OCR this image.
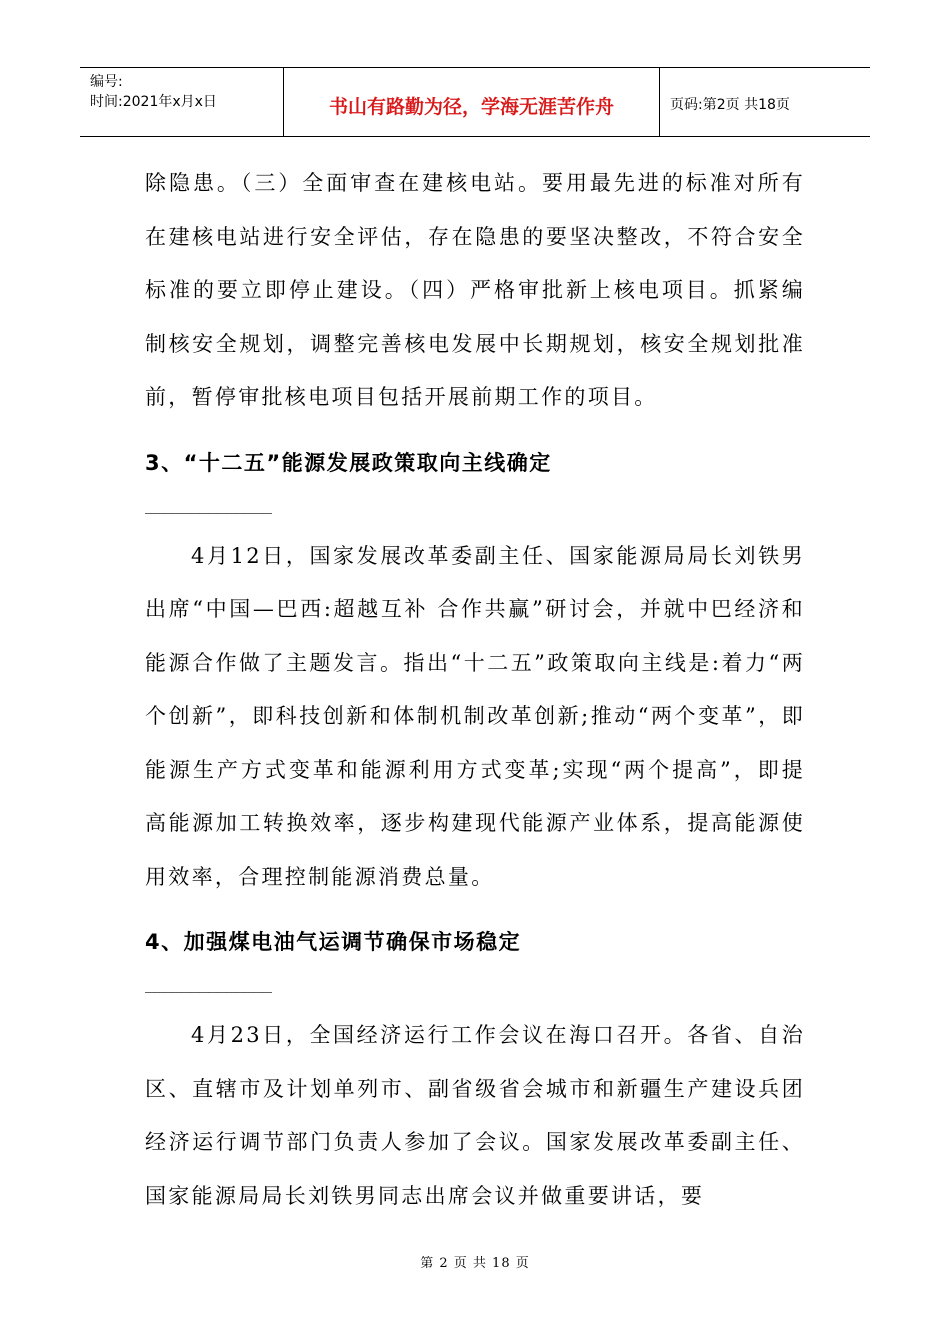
编号:
时间:2021年x月x日	书山有路勤为径，学海无涯苦作舟	页码:第2页 共18页

除隐患。（三）全面审查在建核电站。要用最先进的标准对所有在建核电站进行安全评估，存在隐患的要坚决整改，不符合安全标准的要立即停止建设。（四）严格审批新上核电项目。抓紧编制核安全规划，调整完善核电发展中长期规划，核安全规划批准前，暂停审批核电项目包括开展前期工作的项目。

3、“十二五”能源发展政策取向主线确定

______________

4月12日，国家发展改革委副主任、国家能源局局长刘铁男出席“中国—巴西:超越互补 合作共赢”研讨会，并就中巴经济和能源合作做了主题发言。指出“十二五”政策取向主线是:着力“两个创新”，即科技创新和体制机制改革创新;推动“两个变革”，即能源生产方式变革和能源利用方式变革;实现“两个提高”，即提高能源加工转换效率，逐步构建现代能源产业体系，提高能源使用效率，合理控制能源消费总量。

4、加强煤电油气运调节确保市场稳定

______________

4月23日，全国经济运行工作会议在海口召开。各省、自治区、直辖市及计划单列市、副省级省会城市和新疆生产建设兵团经济运行调节部门负责人参加了会议。国家发展改革委副主任、国家能源局局长刘铁男同志出席会议并做重要讲话，要

第 2 页 共 18 页
